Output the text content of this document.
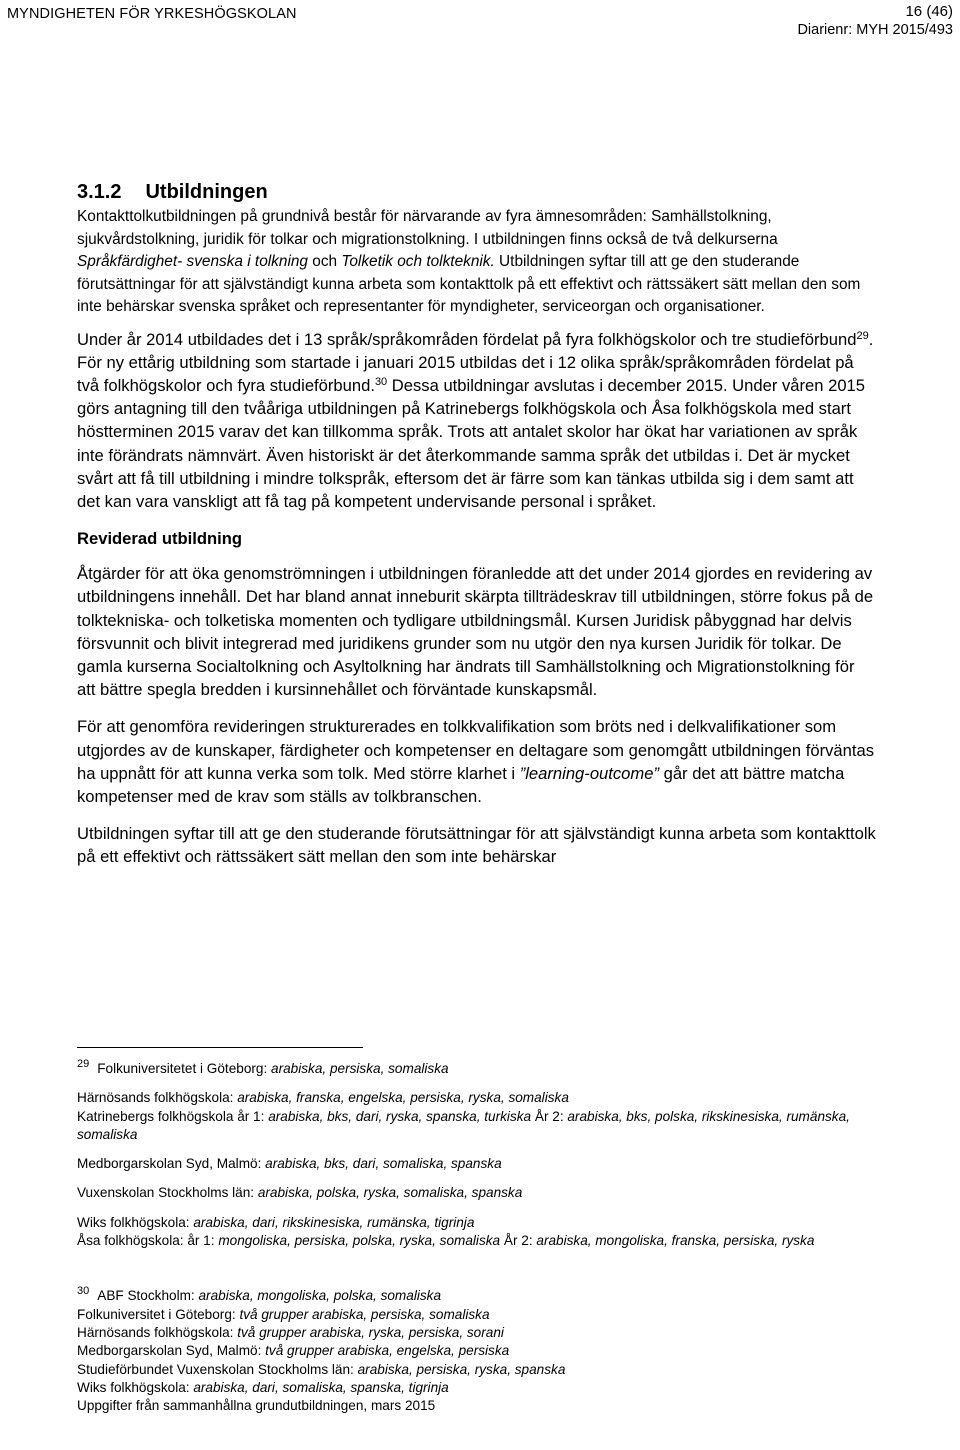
MYNDIGHETEN FÖR YRKESHÖGSKOLAN	16 (46)
Diarienr: MYH 2015/493
3.1.2 Utbildningen

Kontakttolkutbildningen på grundnivå består för närvarande av fyra ämnesområden: Samhällstolkning, sjukvårdstolkning, juridik för tolkar och migrationstolkning. I utbildningen finns också de två delkurserna Språkfärdighet- svenska i tolkning och Tolketik och tolkteknik. Utbildningen syftar till att ge den studerande förutsättningar för att självständigt kunna arbeta som kontakttolk på ett effektivt och rättssäkert sätt mellan den som inte behärskar svenska språket och representanter för myndigheter, serviceorgan och organisationer.

Under år 2014 utbildades det i 13 språk/språkområden fördelat på fyra folkhögskolor och tre studieförbund$^{29}$. För ny ettårig utbildning som startade i januari 2015 utbildas det i 12 olika språk/språkområden fördelat på två folkhögskolor och fyra studieförbund.$^{30}$ Dessa utbildningar avslutas i december 2015. Under våren 2015 görs antagning till den tvååriga utbildningen på Katrinebergs folkhögskola och Åsa folkhögskola med start höstterminen 2015 varav det kan tillkomma språk. Trots att antalet skolor har ökat har variationen av språk inte förändrats nämnvärt. Även historiskt är det återkommande samma språk det utbildas i. Det är mycket svårt att få till utbildning i mindre tolkspråk, eftersom det är färre som kan tänkas utbilda sig i dem samt att det kan vara vanskligt att få tag på kompetent undervisande personal i språket.

Reviderad utbildning

Åtgärder för att öka genomströmningen i utbildningen föranledde att det under 2014 gjordes en revidering av utbildningens innehåll. Det har bland annat inneburit skärpta tillträdeskrav till utbildningen, större fokus på de tolktekniska- och tolketiska momenten och tydligare utbildningsmål. Kursen Juridisk påbyggnad har delvis försvunnit och blivit integrerad med juridikens grunder som nu utgör den nya kursen Juridik för tolkar. De gamla kurserna Socialtolkning och Asyltolkning har ändrats till Samhällstolkning och Migrationstolkning för att bättre spegla bredden i kursinnehållet och förväntade kunskapsmål.

För att genomföra revideringen strukturerades en tolkkvalifikation som bröts ned i delkvalifikationer som utgjordes av de kunskaper, färdigheter och kompetenser en deltagare som genomgått utbildningen förväntas ha uppnått för att kunna verka som tolk. Med större klarhet i ”learning-outcome” går det att bättre matcha kompetenser med de krav som ställs av tolkbranschen.

Utbildningen syftar till att ge den studerande förutsättningar för att självständigt kunna arbeta som kontakttolk på ett effektivt och rättssäkert sätt mellan den som inte behärskar

$^{29}$ Folkuniversitetet i Göteborg: arabiska, persiska, somaliska
Härnösands folkhögskola: arabiska, franska, engelska, persiska, ryska, somaliska
Katrinebergs folkhögskola år 1: arabiska, bks, dari, ryska, spanska, turkiska År 2: arabiska, bks, polska, rikskinesiska, rumänska, somaliska
Medborgarskolan Syd, Malmö: arabiska, bks, dari, somaliska, spanska
Vuxenskolan Stockholms län: arabiska, polska, ryska, somaliska, spanska
Wiks folkhögskola: arabiska, dari, rikskinesiska, rumänska, tigrinja
Åsa folkhögskola: år 1: mongoliska, persiska, polska, ryska, somaliska År 2: arabiska, mongoliska, franska, persiska, ryska
$^{30}$ ABF Stockholm: arabiska, mongoliska, polska, somaliska
Folkuniversitet i Göteborg: två grupper arabiska, persiska, somaliska
Härnösands folkhögskola: två grupper arabiska, ryska, persiska, sorani
Medborgarskolan Syd, Malmö: två grupper arabiska, engelska, persiska
Studieförbundet Vuxenskolan Stockholms län: arabiska, persiska, ryska, spanska
Wiks folkhögskola: arabiska, dari, somaliska, spanska, tigrinja
Uppgifter från sammanhållna grundutbildningen, mars 2015
